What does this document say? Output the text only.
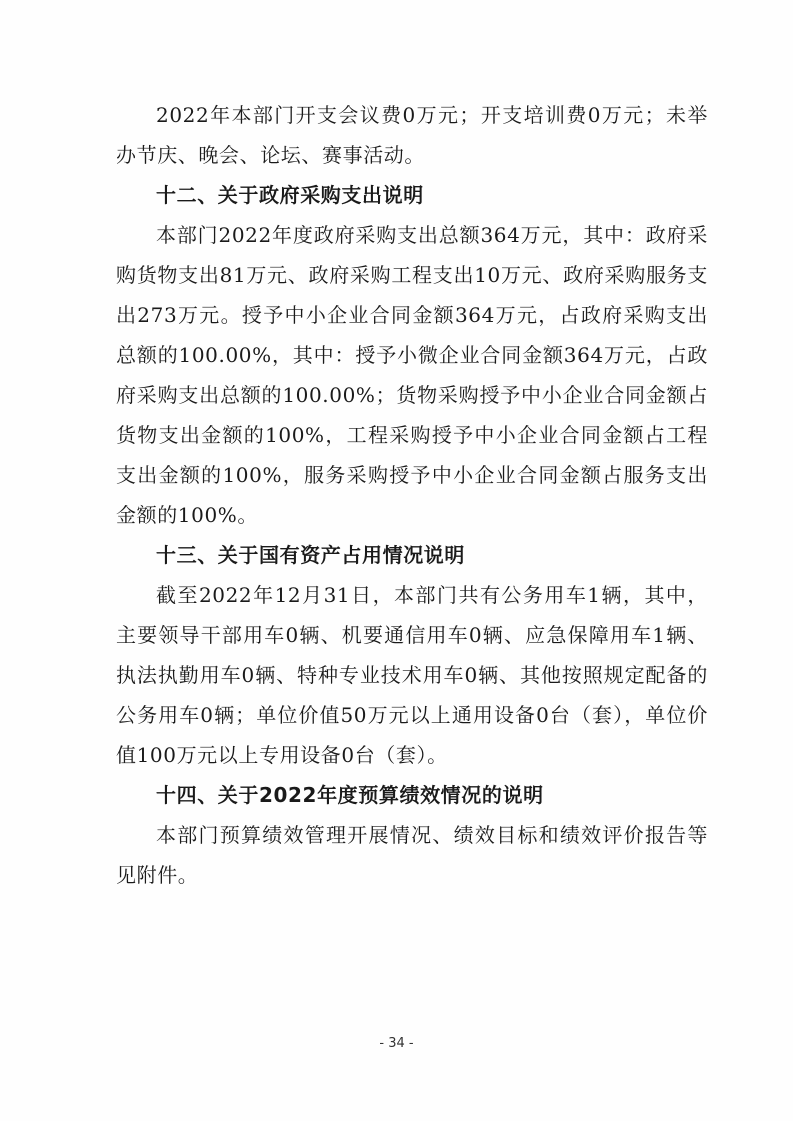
2022年本部门开支会议费0万元；开支培训费0万元；未举办节庆、晚会、论坛、赛事活动。

十二、关于政府采购支出说明

本部门2022年度政府采购支出总额364万元，其中：政府采购货物支出81万元、政府采购工程支出10万元、政府采购服务支出273万元。授予中小企业合同金额364万元，占政府采购支出总额的100.00%，其中：授予小微企业合同金额364万元，占政府采购支出总额的100.00%；货物采购授予中小企业合同金额占货物支出金额的100%，工程采购授予中小企业合同金额占工程支出金额的100%，服务采购授予中小企业合同金额占服务支出金额的100%。

十三、关于国有资产占用情况说明

截至2022年12月31日，本部门共有公务用车1辆，其中，主要领导干部用车0辆、机要通信用车0辆、应急保障用车1辆、执法执勤用车0辆、特种专业技术用车0辆、其他按照规定配备的公务用车0辆；单位价值50万元以上通用设备0台（套），单位价值100万元以上专用设备0台（套）。

十四、关于2022年度预算绩效情况的说明

本部门预算绩效管理开展情况、绩效目标和绩效评价报告等见附件。

- 34 -
